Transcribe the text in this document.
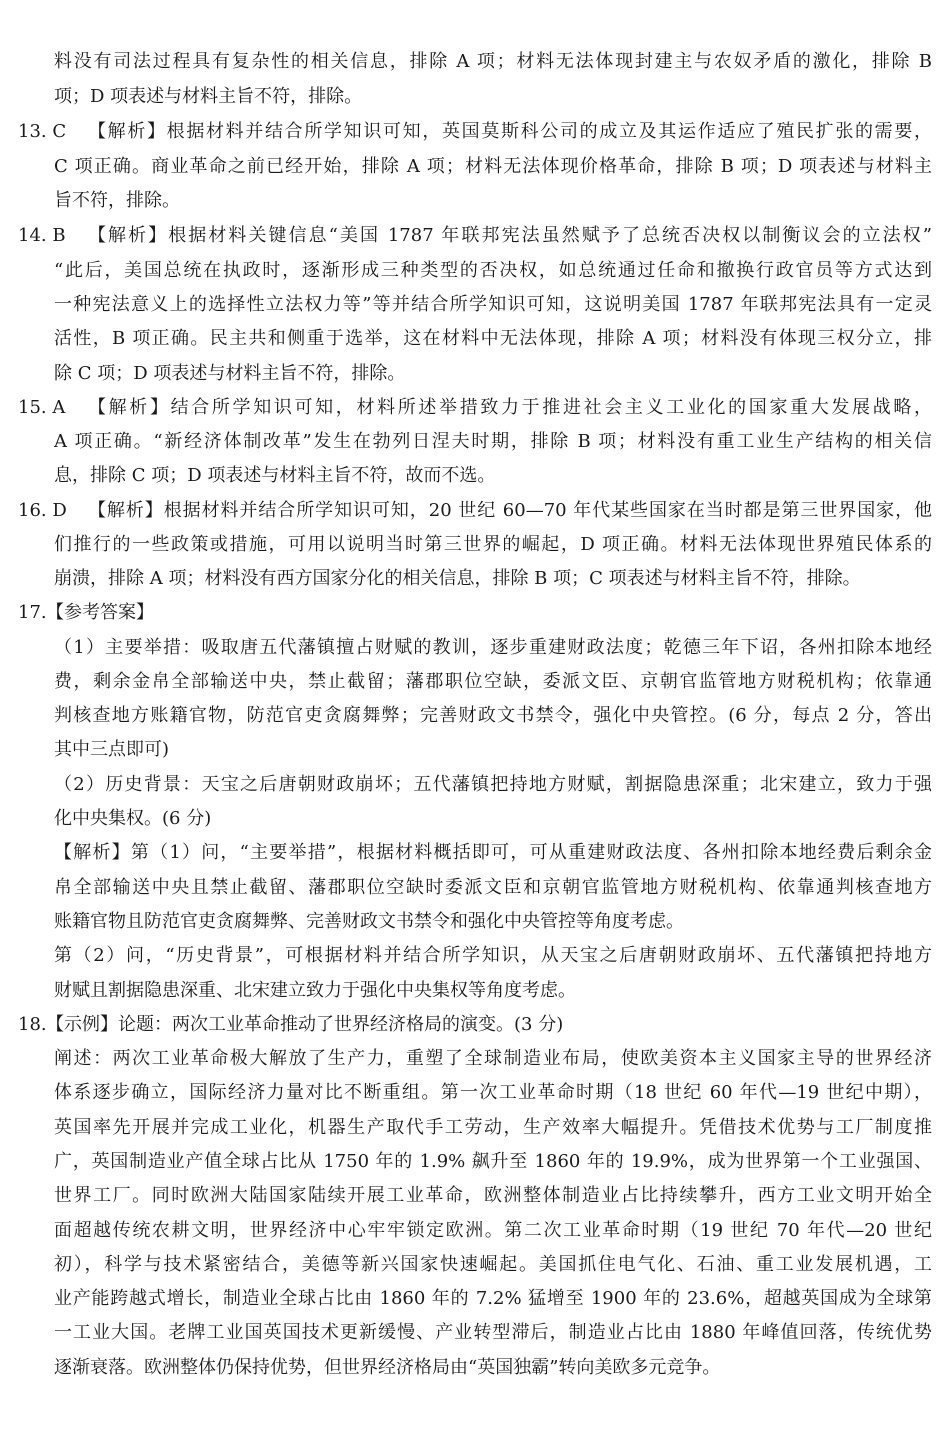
料没有司法过程具有复杂性的相关信息，排除 A 项；材料无法体现封建主与农奴矛盾的激化，排除 B
项；D 项表述与材料主旨不符，排除。
13. C 【解析】根据材料并结合所学知识可知，英国莫斯科公司的成立及其运作适应了殖民扩张的需要，
C 项正确。商业革命之前已经开始，排除 A 项；材料无法体现价格革命，排除 B 项；D 项表述与材料主
旨不符，排除。
14. B 【解析】根据材料关键信息“美国 1787 年联邦宪法虽然赋予了总统否决权以制衡议会的立法权”
“此后，美国总统在执政时，逐渐形成三种类型的否决权，如总统通过任命和撤换行政官员等方式达到
一种宪法意义上的选择性立法权力等”等并结合所学知识可知，这说明美国 1787 年联邦宪法具有一定灵
活性，B 项正确。民主共和侧重于选举，这在材料中无法体现，排除 A 项；材料没有体现三权分立，排
除 C 项；D 项表述与材料主旨不符，排除。
15. A 【解析】结合所学知识可知，材料所述举措致力于推进社会主义工业化的国家重大发展战略，
A 项正确。“新经济体制改革”发生在勃列日涅夫时期，排除 B 项；材料没有重工业生产结构的相关信
息，排除 C 项；D 项表述与材料主旨不符，故而不选。
16. D 【解析】根据材料并结合所学知识可知，20 世纪 60—70 年代某些国家在当时都是第三世界国家，他
们推行的一些政策或措施，可用以说明当时第三世界的崛起，D 项正确。材料无法体现世界殖民体系的
崩溃，排除 A 项；材料没有西方国家分化的相关信息，排除 B 项；C 项表述与材料主旨不符，排除。
17. 【参考答案】
（1）主要举措：吸取唐五代藩镇擅占财赋的教训，逐步重建财政法度；乾德三年下诏，各州扣除本地经
费，剩余金帛全部输送中央，禁止截留；藩郡职位空缺，委派文臣、京朝官监管地方财税机构；依靠通
判核查地方账籍官物，防范官吏贪腐舞弊；完善财政文书禁令，强化中央管控。(6 分，每点 2 分，答出
其中三点即可)
（2）历史背景：天宝之后唐朝财政崩坏；五代藩镇把持地方财赋，割据隐患深重；北宋建立，致力于强
化中央集权。(6 分)
【解析】第（1）问，“主要举措”，根据材料概括即可，可从重建财政法度、各州扣除本地经费后剩余金
帛全部输送中央且禁止截留、藩郡职位空缺时委派文臣和京朝官监管地方财税机构、依靠通判核查地方
账籍官物且防范官吏贪腐舞弊、完善财政文书禁令和强化中央管控等角度考虑。
第（2）问，“历史背景”，可根据材料并结合所学知识，从天宝之后唐朝财政崩坏、五代藩镇把持地方
财赋且割据隐患深重、北宋建立致力于强化中央集权等角度考虑。
18. 【示例】论题：两次工业革命推动了世界经济格局的演变。(3 分)
阐述：两次工业革命极大解放了生产力，重塑了全球制造业布局，使欧美资本主义国家主导的世界经济
体系逐步确立，国际经济力量对比不断重组。第一次工业革命时期（18 世纪 60 年代—19 世纪中期），
英国率先开展并完成工业化，机器生产取代手工劳动，生产效率大幅提升。凭借技术优势与工厂制度推
广，英国制造业产值全球占比从 1750 年的 1.9% 飙升至 1860 年的 19.9%，成为世界第一个工业强国、
世界工厂。同时欧洲大陆国家陆续开展工业革命，欧洲整体制造业占比持续攀升，西方工业文明开始全
面超越传统农耕文明，世界经济中心牢牢锁定欧洲。第二次工业革命时期（19 世纪 70 年代—20 世纪
初），科学与技术紧密结合，美德等新兴国家快速崛起。美国抓住电气化、石油、重工业发展机遇，工
业产能跨越式增长，制造业全球占比由 1860 年的 7.2% 猛增至 1900 年的 23.6%，超越英国成为全球第
一工业大国。老牌工业国英国技术更新缓慢、产业转型滞后，制造业占比由 1880 年峰值回落，传统优势
逐渐衰落。欧洲整体仍保持优势，但世界经济格局由“英国独霸”转向美欧多元竞争。
